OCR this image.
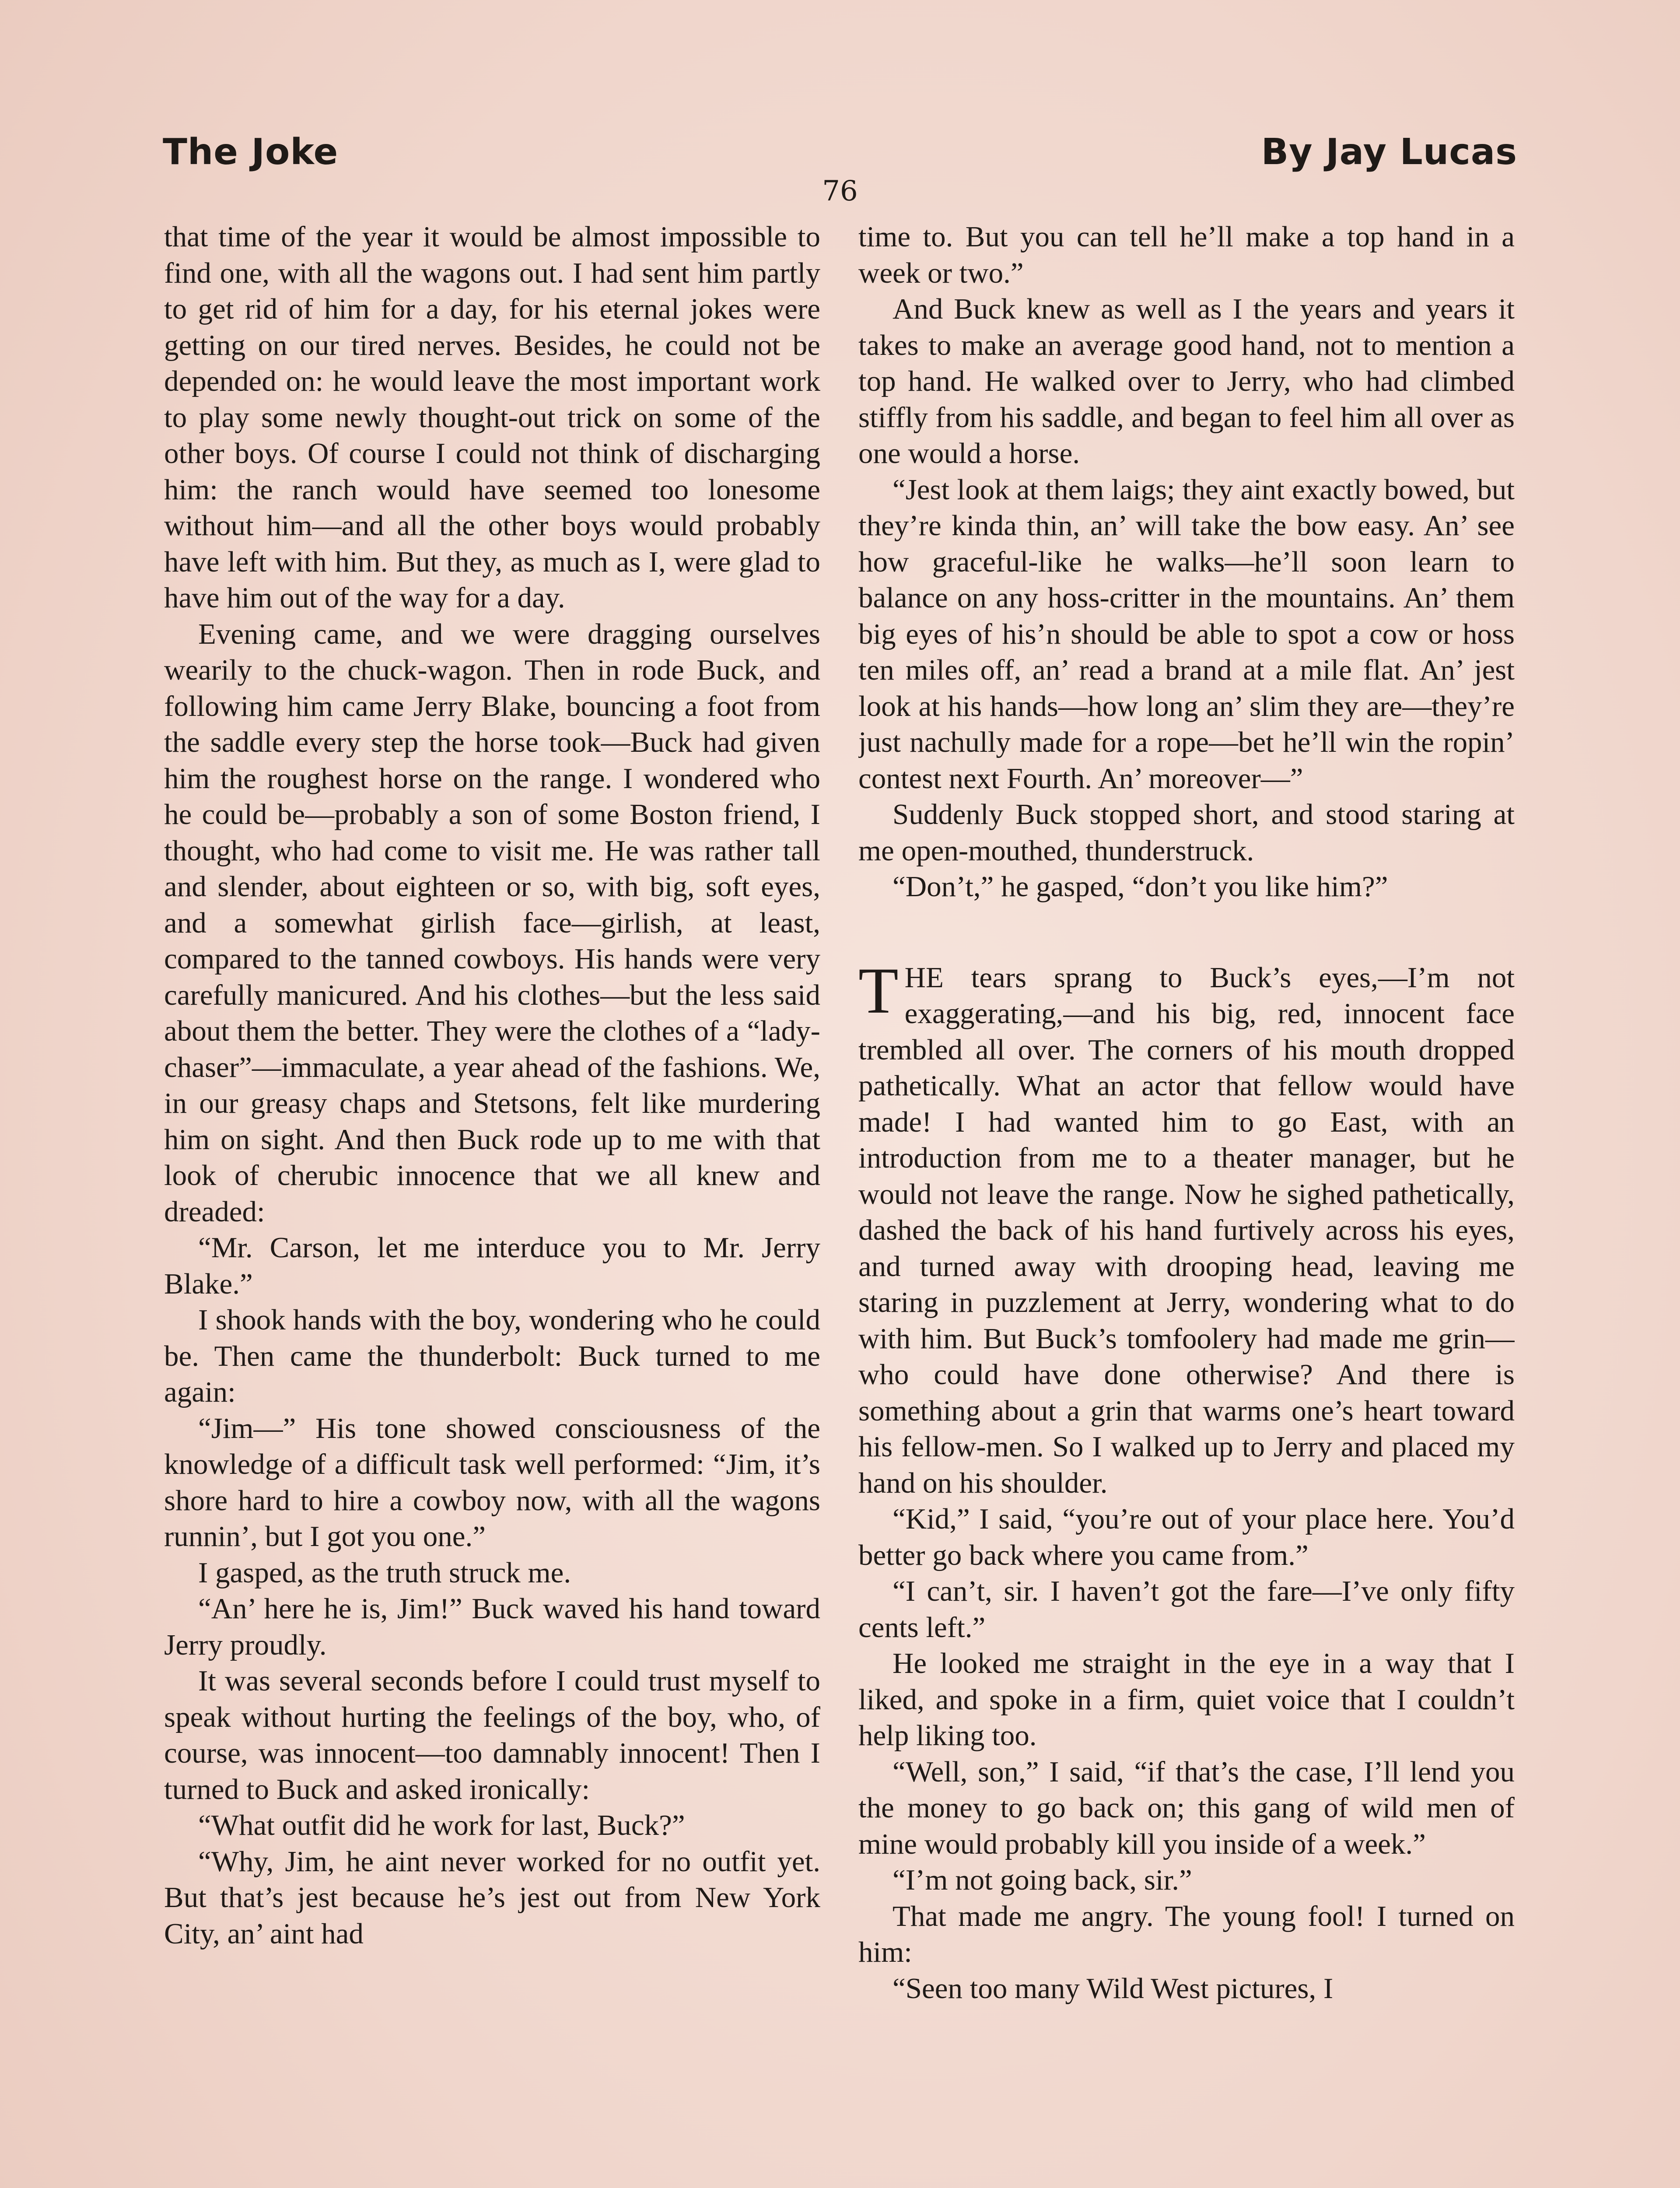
The Joke	By Jay Lucas
76

that time of the year it would be almost impossible to find one, with all the wagons out. I had sent him partly to get rid of him for a day, for his eternal jokes were getting on our tired nerves. Besides, he could not be depended on: he would leave the most important work to play some newly thought-out trick on some of the other boys. Of course I could not think of discharging him: the ranch would have seemed too lonesome without him—and all the other boys would probably have left with him. But they, as much as I, were glad to have him out of the way for a day.

Evening came, and we were dragging ourselves wearily to the chuck-wagon. Then in rode Buck, and following him came Jerry Blake, bouncing a foot from the saddle every step the horse took—Buck had given him the roughest horse on the range. I wondered who he could be—probably a son of some Boston friend, I thought, who had come to visit me. He was rather tall and slender, about eighteen or so, with big, soft eyes, and a somewhat girlish face—girlish, at least, compared to the tanned cowboys. His hands were very carefully manicured. And his clothes—but the less said about them the better. They were the clothes of a “lady-chaser”—immaculate, a year ahead of the fashions. We, in our greasy chaps and Stetsons, felt like murdering him on sight. And then Buck rode up to me with that look of cherubic innocence that we all knew and dreaded:

“Mr. Carson, let me interduce you to Mr. Jerry Blake.”

I shook hands with the boy, wondering who he could be. Then came the thunderbolt: Buck turned to me again:

“Jim—” His tone showed consciousness of the knowledge of a difficult task well performed: “Jim, it’s shore hard to hire a cowboy now, with all the wagons runnin’, but I got you one.”

I gasped, as the truth struck me.

“An’ here he is, Jim!” Buck waved his hand toward Jerry proudly.

It was several seconds before I could trust myself to speak without hurting the feelings of the boy, who, of course, was innocent—too damnably innocent! Then I turned to Buck and asked ironically:

“What outfit did he work for last, Buck?”

“Why, Jim, he aint never worked for no outfit yet. But that’s jest because he’s jest out from New York City, an’ aint had

time to. But you can tell he’ll make a top hand in a week or two.”

And Buck knew as well as I the years and years it takes to make an average good hand, not to mention a top hand. He walked over to Jerry, who had climbed stiffly from his saddle, and began to feel him all over as one would a horse.

“Jest look at them laigs; they aint exactly bowed, but they’re kinda thin, an’ will take the bow easy. An’ see how graceful-like he walks—he’ll soon learn to balance on any hoss-critter in the mountains. An’ them big eyes of his’n should be able to spot a cow or hoss ten miles off, an’ read a brand at a mile flat. An’ jest look at his hands—how long an’ slim they are—they’re just nachully made for a rope—bet he’ll win the ropin’ contest next Fourth. An’ moreover—”

Suddenly Buck stopped short, and stood staring at me open-mouthed, thunderstruck.

“Don’t,” he gasped, “don’t you like him?”

THE tears sprang to Buck’s eyes,—I’m not exaggerating,—and his big, red, innocent face trembled all over. The corners of his mouth dropped pathetically. What an actor that fellow would have made! I had wanted him to go East, with an introduction from me to a theater manager, but he would not leave the range. Now he sighed pathetically, dashed the back of his hand furtively across his eyes, and turned away with drooping head, leaving me staring in puzzlement at Jerry, wondering what to do with him. But Buck’s tomfoolery had made me grin—who could have done otherwise? And there is something about a grin that warms one’s heart toward his fellow-men. So I walked up to Jerry and placed my hand on his shoulder.

“Kid,” I said, “you’re out of your place here. You’d better go back where you came from.”

“I can’t, sir. I haven’t got the fare—I’ve only fifty cents left.”

He looked me straight in the eye in a way that I liked, and spoke in a firm, quiet voice that I couldn’t help liking too.

“Well, son,” I said, “if that’s the case, I’ll lend you the money to go back on; this gang of wild men of mine would probably kill you inside of a week.”

“I’m not going back, sir.”

That made me angry. The young fool! I turned on him:

“Seen too many Wild West pictures, I
